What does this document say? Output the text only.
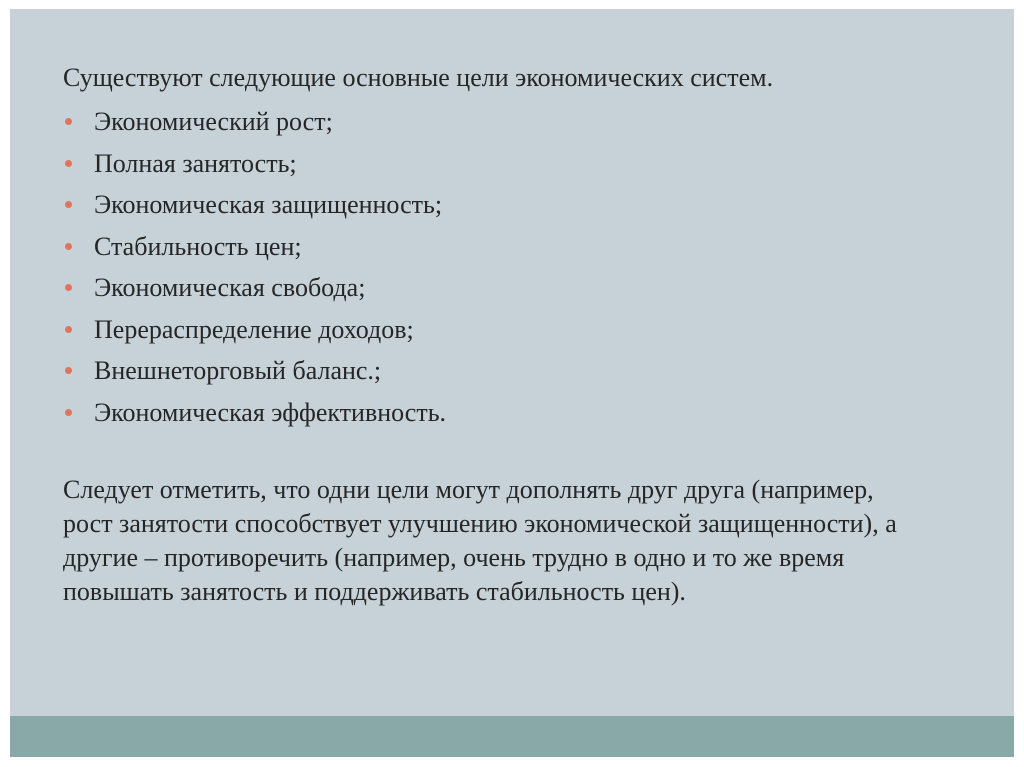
Существуют следующие основные цели экономических систем.

Экономический рост;
Полная занятость;
Экономическая защищенность;
Стабильность цен;
Экономическая свобода;
Перераспределение доходов;
Внешнеторговый баланс.;
Экономическая эффективность.

Следует отметить, что одни цели могут дополнять друг друга (например, рост занятости способствует улучшению экономической защищенности), а другие – противоречить (например, очень трудно в одно и то же время повышать занятость и поддерживать стабильность цен).
